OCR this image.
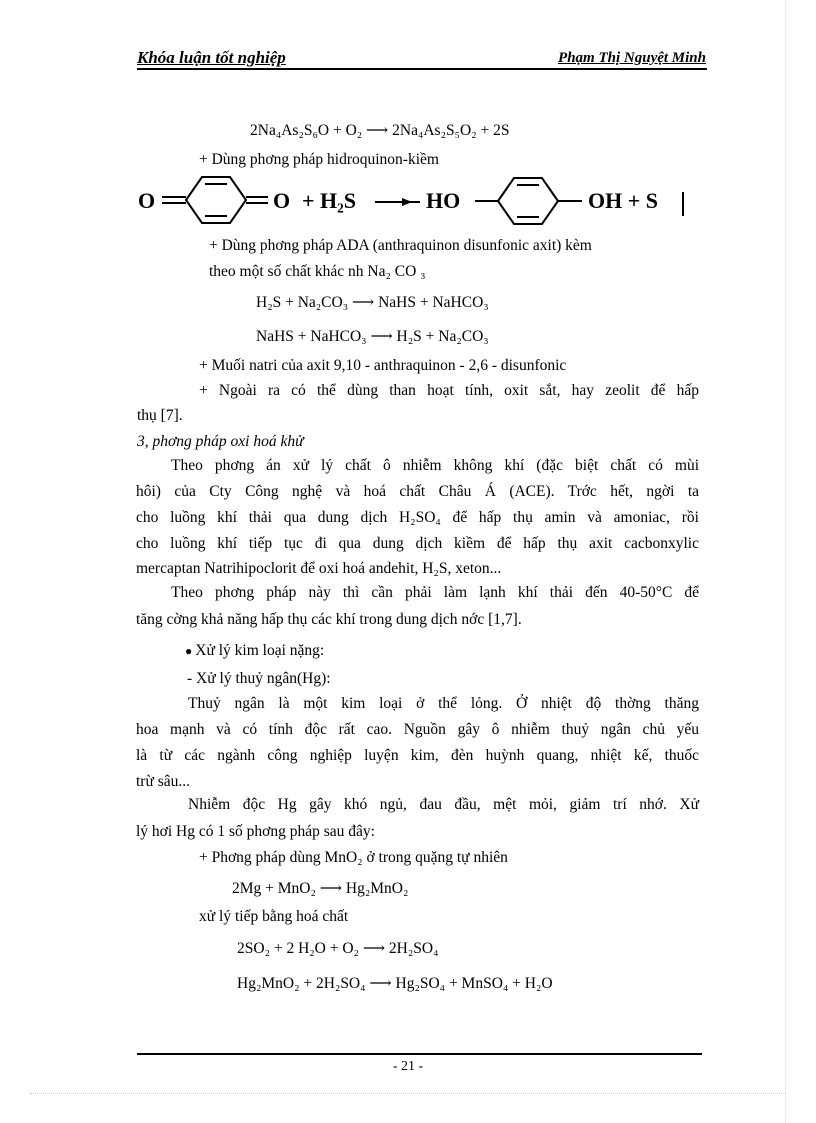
Khóa luận tốt nghiệp	Phạm Thị Nguyệt Minh
2Na₄As₂S₆O + O₂ ⟶ 2Na₄As₂S₅O₂ + 2S
+ Dùng phơng pháp hidroquinon-kiềm
O	O + H₂S	HO	OH + S
+ Dùng phơng pháp ADA (anthraquinon disunfonic axit) kèm
theo một số chất khác nh Na₂ CO ₃
H₂S + Na₂CO₃ ⟶ NaHS + NaHCO₃
NaHS + NaHCO₃ ⟶ H₂S + Na₂CO₃
+ Muối natri của axit 9,10 - anthraquinon - 2,6 - disunfonic
+ Ngoài ra có thể dùng than hoạt tính, oxit sắt, hay zeolit để hấp
thụ [7].
3, phơng pháp oxi hoá khử
Theo phơng án xử lý chất ô nhiễm không khí (đặc biệt chất có mùi
hôi) của Cty Công nghệ và hoá chất Châu Á (ACE). Trớc hết, ngời ta
cho luồng khí thải qua dung dịch H₂SO₄ để hấp thụ amin và amoniac, rồi
cho luồng khí tiếp tục đi qua dung dịch kiềm để hấp thụ axit cacbonxylic
mercaptan Natrihipoclorit để oxi hoá andehit, H₂S, xeton...
Theo phơng pháp này thì cần phải làm lạnh khí thải đến 40-50°C để
tăng cờng khả năng hấp thụ các khí trong dung dịch nớc [1,7].
● Xử lý kim loại nặng:
- Xử lý thuỷ ngân(Hg):
Thuỷ ngân là một kim loại ở thể lỏng. Ở nhiệt độ thờng thăng
hoa mạnh và có tính độc rất cao. Nguồn gây ô nhiễm thuỷ ngân chủ yếu
là từ các ngành công nghiệp luyện kim, đèn huỳnh quang, nhiệt kế, thuốc
trừ sâu...
Nhiễm độc Hg gây khó ngủ, đau đầu, mệt mỏi, giảm trí nhớ. Xử
lý hơi Hg có 1 số phơng pháp sau đây:
+ Phơng pháp dùng MnO₂ ở trong quặng tự nhiên
2Mg + MnO₂ ⟶ Hg₂MnO₂
xử lý tiếp bằng hoá chất
2SO₂ + 2 H₂O + O₂ ⟶ 2H₂SO₄
Hg₂MnO₂ + 2H₂SO₄ ⟶ Hg₂SO₄ + MnSO₄ + H₂O
- 21 -
